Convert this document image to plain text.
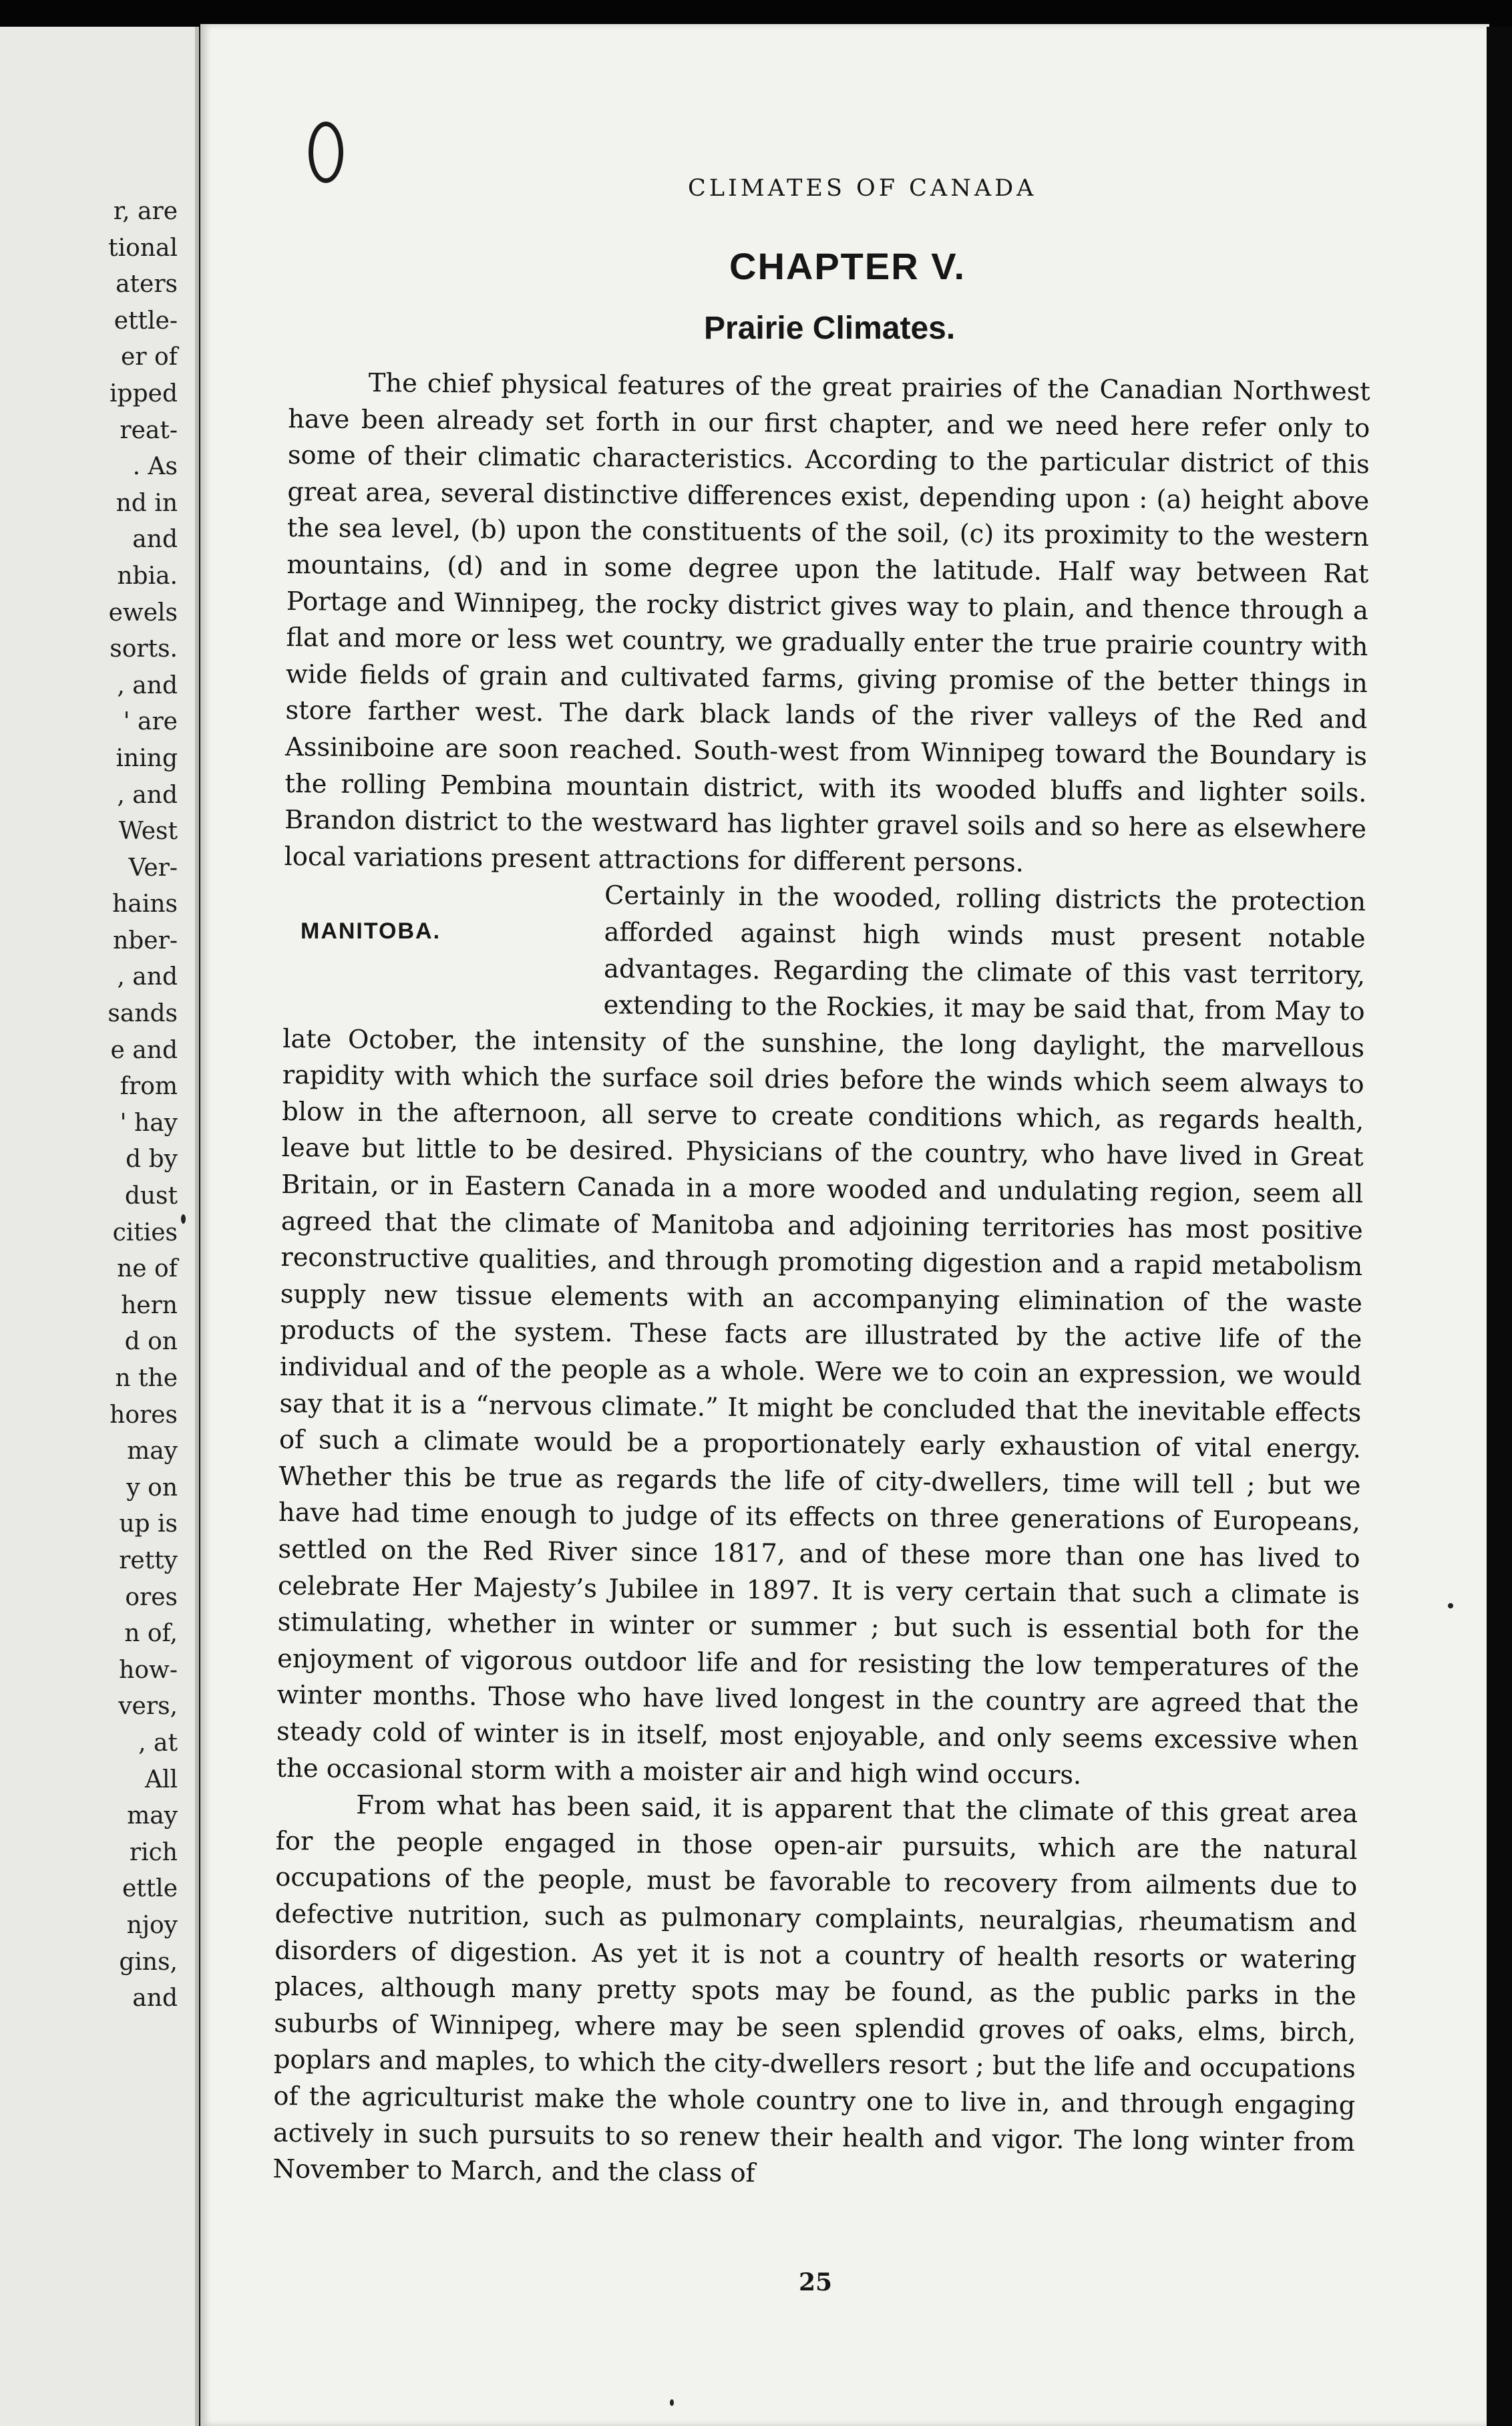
r, are
tional
aters
ettle-
er of
ipped
reat-
. As
nd in
and
nbia.
ewels
sorts.
, and
' are
ining
, and
West
Ver-
hains
nber-
, and
sands
e and
from
' hay
d by
dust
cities
ne of
hern
d on
n the
hores
may
y on
up is
retty
ores
n of,
how-
vers,
, at
All
may
rich
ettle
njoy
gins,
and
CLIMATES OF CANADA
CHAPTER V.
Prairie Climates.

The chief physical features of the great prairies of the Canadian Northwest have been already set forth in our first chapter, and we need here refer only to some of their climatic characteristics. According to the particular district of this great area, several distinctive differences exist, depending upon : (a) height above the sea level, (b) upon the constituents of the soil, (c) its proximity to the western mountains, (d) and in some degree upon the latitude. Half way between Rat Portage and Winnipeg, the rocky district gives way to plain, and thence through a flat and more or less wet country, we gradually enter the true prairie country with wide fields of grain and cultivated farms, giving promise of the better things in store farther west. The dark black lands of the river valleys of the Red and Assiniboine are soon reached. South-west from Winnipeg toward the Boundary is the rolling Pembina mountain district, with its wooded bluffs and lighter soils. Brandon district to the westward has lighter gravel soils and so here as elsewhere local variations present attractions for different persons.

Certainly in the wooded, rolling districts the protection afforded against high winds must present notable advantages. Regarding the climate of this vast territory, extending to the Rockies, it may be said that, from May to late October, the intensity of the sunshine, the long daylight, the marvellous rapidity with which the surface soil dries before the winds which seem always to blow in the afternoon, all serve to create conditions which, as regards health, leave but little to be desired. Physicians of the country, who have lived in Great Britain, or in Eastern Canada in a more wooded and undulating region, seem all agreed that the climate of Manitoba and adjoining territories has most positive reconstructive qualities, and through promoting digestion and a rapid metabolism supply new tissue elements with an accompanying elimination of the waste products of the system. These facts are illustrated by the active life of the individual and of the people as a whole. Were we to coin an expression, we would say that it is a “nervous climate.” It might be concluded that the inevitable effects of such a climate would be a proportionately early exhaustion of vital energy. Whether this be true as regards the life of city-dwellers, time will tell ; but we have had time enough to judge of its effects on three generations of Europeans, settled on the Red River since 1817, and of these more than one has lived to celebrate Her Majesty’s Jubilee in 1897. It is very certain that such a climate is stimulating, whether in winter or summer ; but such is essential both for the enjoyment of vigorous outdoor life and for resisting the low temperatures of the winter months. Those who have lived longest in the country are agreed that the steady cold of winter is in itself, most enjoyable, and only seems excessive when the occasional storm with a moister air and high wind occurs.

From what has been said, it is apparent that the climate of this great area for the people engaged in those open-air pursuits, which are the natural occupations of the people, must be favorable to recovery from ailments due to defective nutrition, such as pulmonary complaints, neuralgias, rheumatism and disorders of digestion. As yet it is not a country of health resorts or watering places, although many pretty spots may be found, as the public parks in the suburbs of Winnipeg, where may be seen splendid groves of oaks, elms, birch, poplars and maples, to which the city-dwellers resort ; but the life and occupations of the agriculturist make the whole country one to live in, and through engaging actively in such pursuits to so renew their health and vigor. The long winter from November to March, and the class of

MANITOBA.
25
